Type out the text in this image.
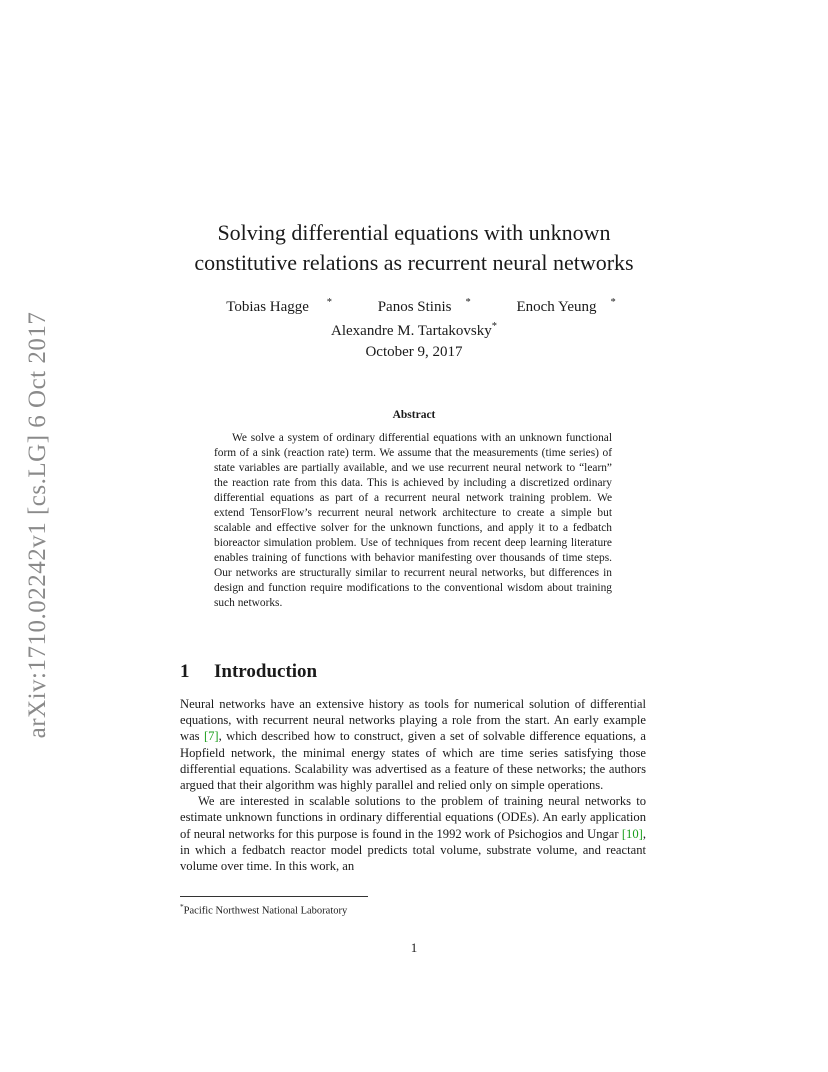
arXiv:1710.02242v1 [cs.LG] 6 Oct 2017
Solving differential equations with unknown
constitutive relations as recurrent neural networks
Tobias Hagge *	Panos Stinis *	Enoch Yeung *
Alexandre M. Tartakovsky*
October 9, 2017
Abstract

We solve a system of ordinary differential equations with an unknown functional form of a sink (reaction rate) term. We assume that the measurements (time series) of state variables are partially available, and we use recurrent neural network to “learn” the reaction rate from this data. This is achieved by including a discretized ordinary differential equations as part of a recurrent neural network training problem. We extend TensorFlow’s recurrent neural network architecture to create a simple but scalable and effective solver for the unknown functions, and apply it to a fedbatch bioreactor simulation problem. Use of techniques from recent deep learning literature enables training of functions with behavior manifesting over thousands of time steps. Our networks are structurally similar to recurrent neural networks, but differences in design and function require modifications to the conventional wisdom about training such networks.

1 Introduction

Neural networks have an extensive history as tools for numerical solution of differential equations, with recurrent neural networks playing a role from the start. An early example was [7], which described how to construct, given a set of solvable difference equations, a Hopfield network, the minimal energy states of which are time series satisfying those differential equations. Scalability was advertised as a feature of these networks; the authors argued that their algorithm was highly parallel and relied only on simple operations.

We are interested in scalable solutions to the problem of training neural networks to estimate unknown functions in ordinary differential equations (ODEs). An early application of neural networks for this purpose is found in the 1992 work of Psichogios and Ungar [10], in which a fedbatch reactor model predicts total volume, substrate volume, and reactant volume over time. In this work, an

*Pacific Northwest National Laboratory
1
